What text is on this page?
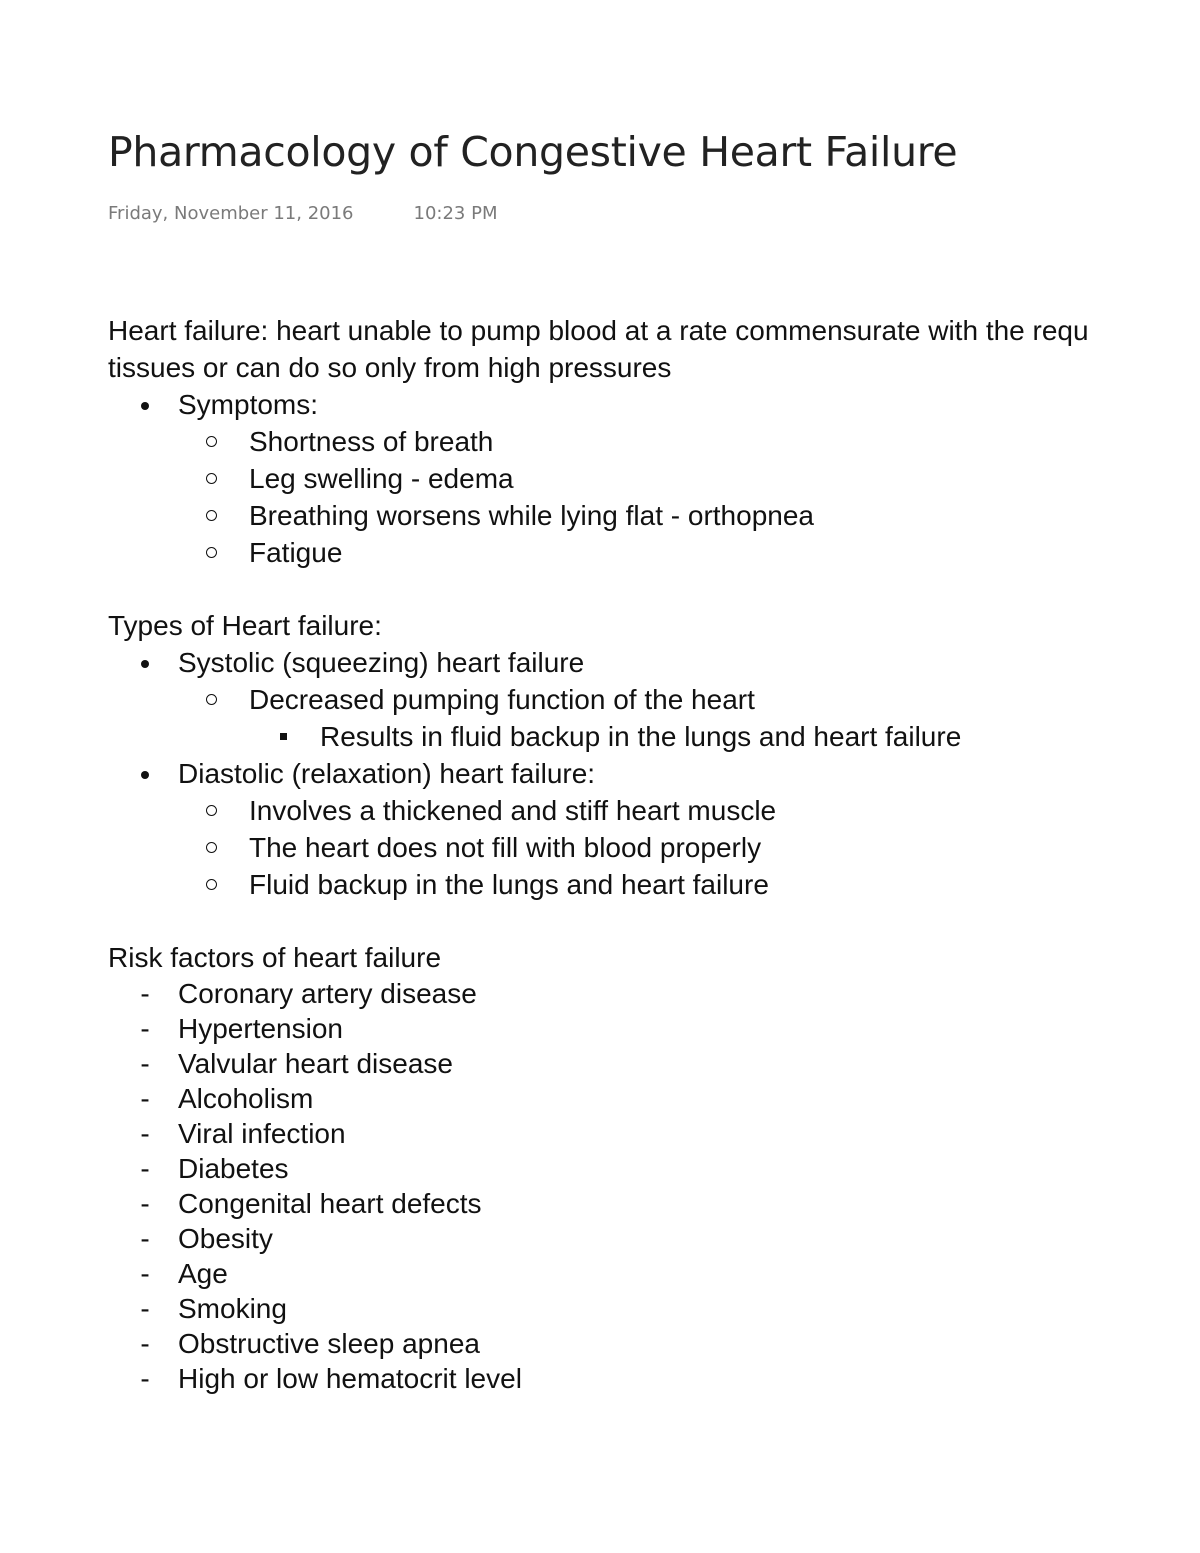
Pharmacology of Congestive Heart Failure
Friday, November 11, 2016	10:23 PM
Heart failure: heart unable to pump blood at a rate commensurate with the requ
tissues or can do so only from high pressures
Symptoms:
Shortness of breath
Leg swelling - edema
Breathing worsens while lying flat - orthopnea
Fatigue
Types of Heart failure:
Systolic (squeezing) heart failure
Decreased pumping function of the heart
Results in fluid backup in the lungs and heart failure
Diastolic (relaxation) heart failure:
Involves a thickened and stiff heart muscle
The heart does not fill with blood properly
Fluid backup in the lungs and heart failure
Risk factors of heart failure
-	Coronary artery disease
-	Hypertension
-	Valvular heart disease
-	Alcoholism
-	Viral infection
-	Diabetes
-	Congenital heart defects
-	Obesity
-	Age
-	Smoking
-	Obstructive sleep apnea
-	High or low hematocrit level
